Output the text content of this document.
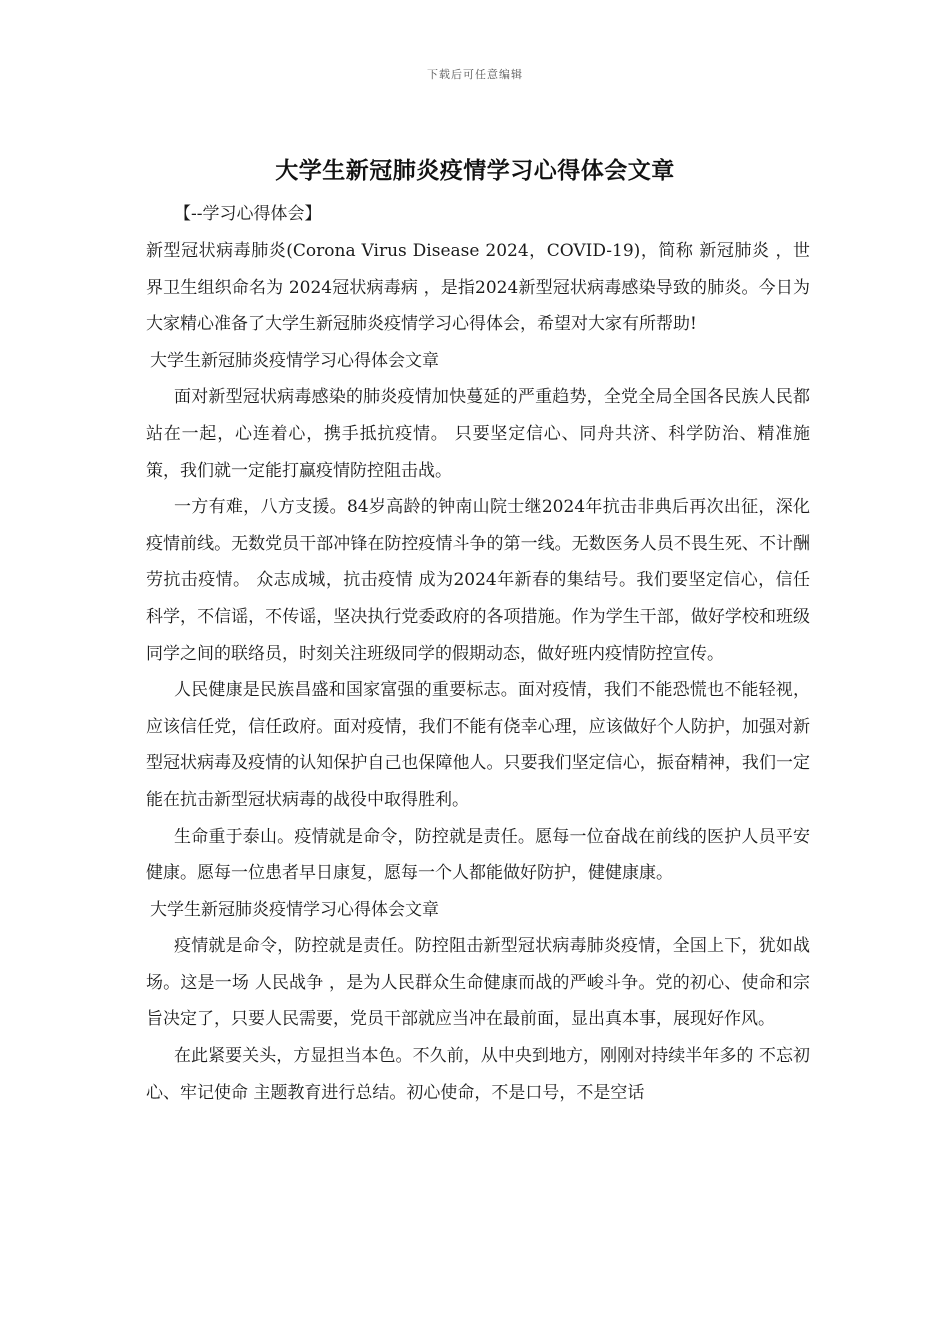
下载后可任意编辑
大学生新冠肺炎疫情学习心得体会文章
【--学习心得体会】

新型冠状病毒肺炎(Corona Virus Disease 2024，COVID-19)，简称 新冠肺炎 ，世界卫生组织命名为 2024冠状病毒病 ，是指2024新型冠状病毒感染导致的肺炎。今日为大家精心准备了大学生新冠肺炎疫情学习心得体会，希望对大家有所帮助!

大学生新冠肺炎疫情学习心得体会文章

面对新型冠状病毒感染的肺炎疫情加快蔓延的严重趋势，全党全局全国各民族人民都站在一起，心连着心，携手抵抗疫情。 只要坚定信心、同舟共济、科学防治、精准施策，我们就一定能打赢疫情防控阻击战。

一方有难，八方支援。84岁高龄的钟南山院士继2024年抗击非典后再次出征，深化疫情前线。无数党员干部冲锋在防控疫情斗争的第一线。无数医务人员不畏生死、不计酬劳抗击疫情。 众志成城，抗击疫情 成为2024年新春的集结号。我们要坚定信心，信任科学，不信谣，不传谣，坚决执行党委政府的各项措施。作为学生干部，做好学校和班级同学之间的联络员，时刻关注班级同学的假期动态，做好班内疫情防控宣传。

人民健康是民族昌盛和国家富强的重要标志。面对疫情，我们不能恐慌也不能轻视，应该信任党，信任政府。面对疫情，我们不能有侥幸心理，应该做好个人防护，加强对新型冠状病毒及疫情的认知保护自己也保障他人。只要我们坚定信心，振奋精神，我们一定能在抗击新型冠状病毒的战役中取得胜利。

生命重于泰山。疫情就是命令，防控就是责任。愿每一位奋战在前线的医护人员平安健康。愿每一位患者早日康复，愿每一个人都能做好防护，健健康康。

大学生新冠肺炎疫情学习心得体会文章

疫情就是命令，防控就是责任。防控阻击新型冠状病毒肺炎疫情，全国上下，犹如战场。这是一场 人民战争 ，是为人民群众生命健康而战的严峻斗争。党的初心、使命和宗旨决定了，只要人民需要，党员干部就应当冲在最前面，显出真本事，展现好作风。

在此紧要关头，方显担当本色。不久前，从中央到地方，刚刚对持续半年多的 不忘初心、牢记使命 主题教育进行总结。初心使命，不是口号，不是空话
